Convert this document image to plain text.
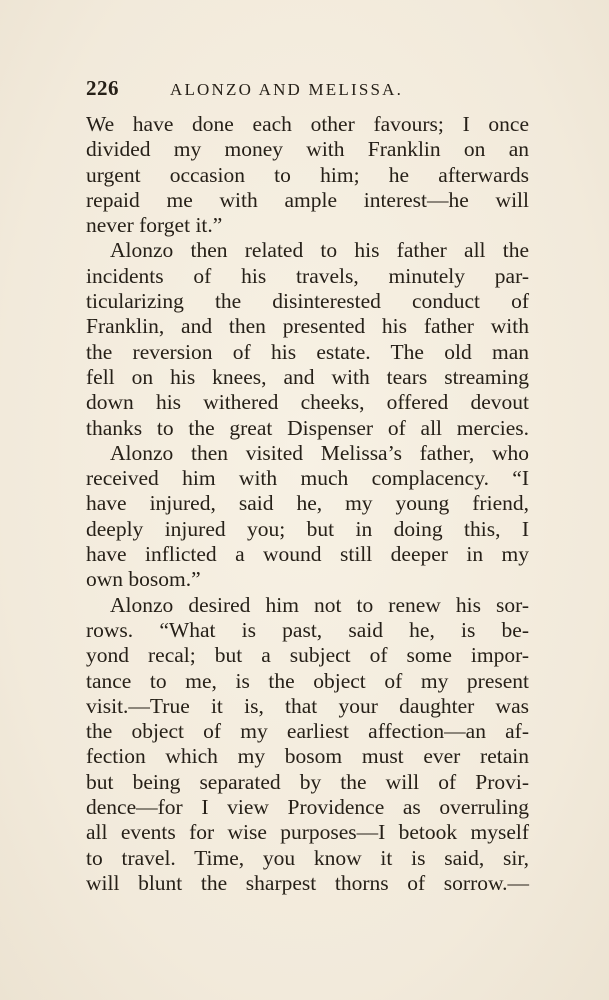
226	ALONZO AND MELISSA.
We have done each other favours; I once
divided my money with Franklin on an
urgent occasion to him; he afterwards
repaid me with ample interest—he will
never forget it.”
Alonzo then related to his father all the
incidents of his travels, minutely par-
ticularizing the disinterested conduct of
Franklin, and then presented his father with
the reversion of his estate. The old man
fell on his knees, and with tears streaming
down his withered cheeks, offered devout
thanks to the great Dispenser of all mercies.
Alonzo then visited Melissa’s father, who
received him with much complacency. “I
have injured, said he, my young friend,
deeply injured you; but in doing this, I
have inflicted a wound still deeper in my
own bosom.”
Alonzo desired him not to renew his sor-
rows. “What is past, said he, is be-
yond recal; but a subject of some impor-
tance to me, is the object of my present
visit.—True it is, that your daughter was
the object of my earliest affection—an af-
fection which my bosom must ever retain
but being separated by the will of Provi-
dence—for I view Providence as overruling
all events for wise purposes—I betook myself
to travel. Time, you know it is said, sir,
will blunt the sharpest thorns of sorrow.—
